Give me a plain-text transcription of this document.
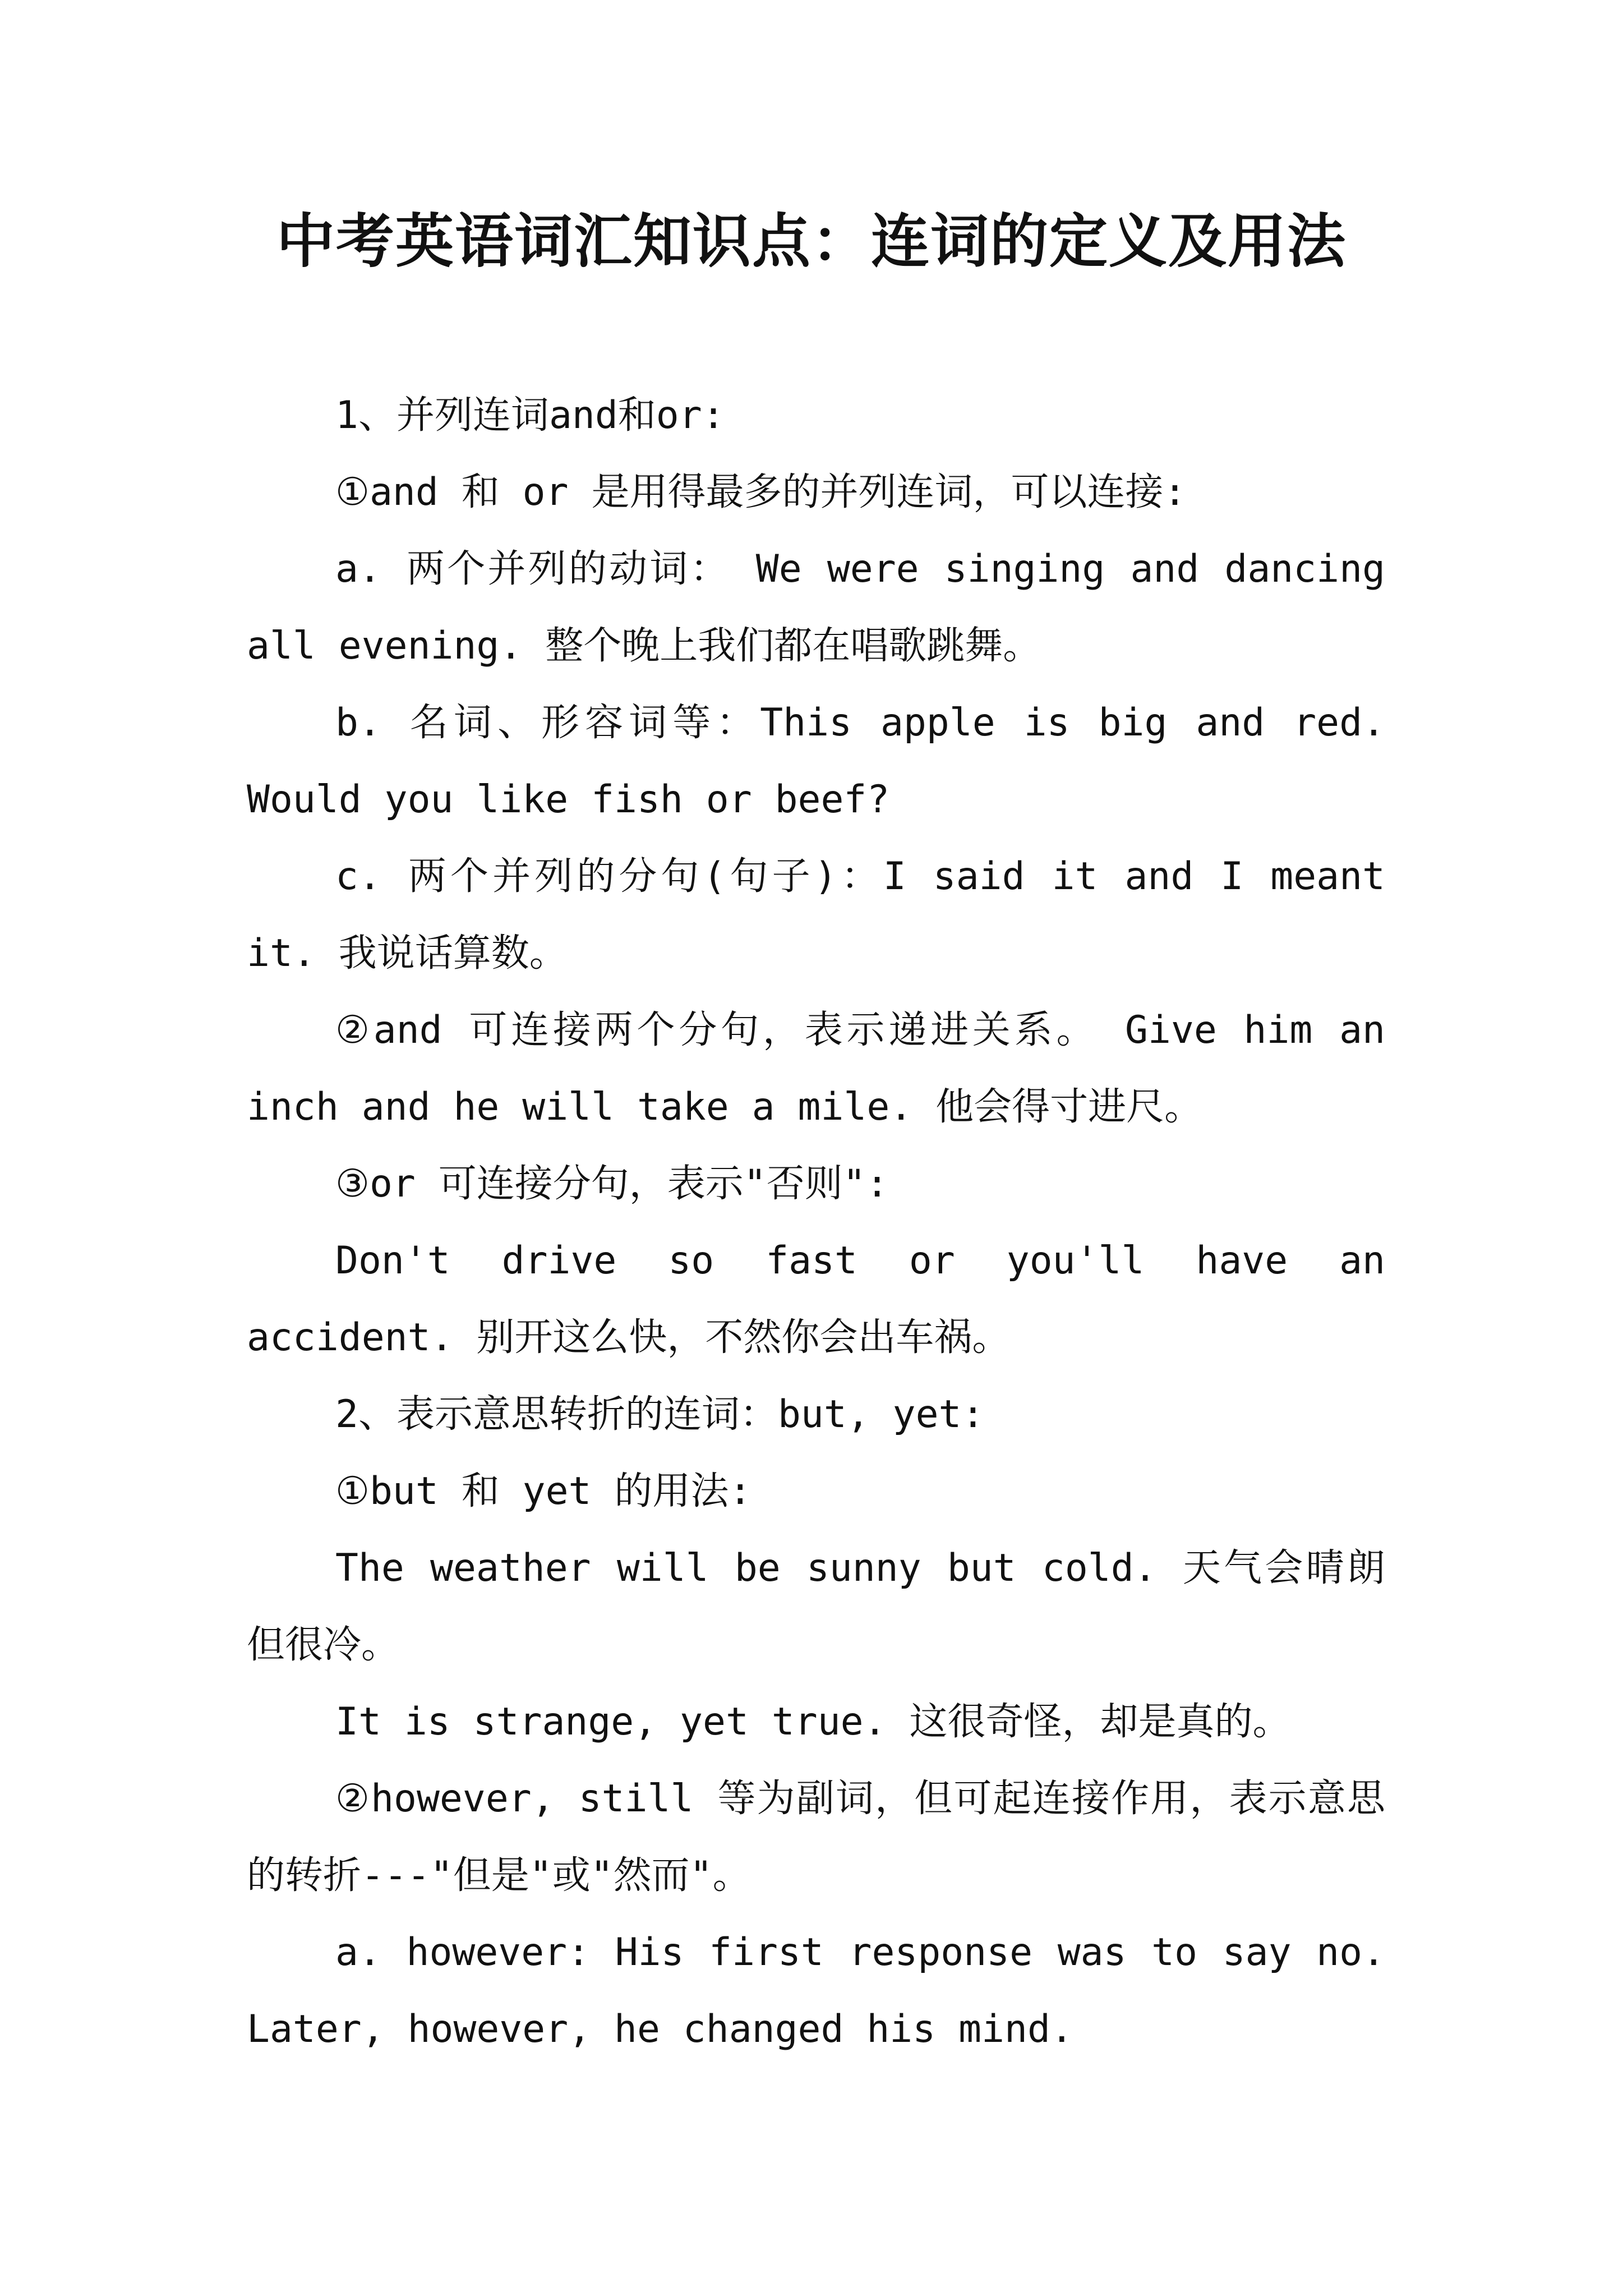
中考英语词汇知识点：连词的定义及用法

1、并列连词and和or:

①and 和 or 是用得最多的并列连词，可以连接:

a. 两个并列的动词： We were singing and dancing all evening. 整个晚上我们都在唱歌跳舞。

b. 名词、形容词等：This apple is big and red. Would you like fish or beef?

c. 两个并列的分句(句子)：I said it and I meant it. 我说话算数。

②and 可连接两个分句，表示递进关系。 Give him an inch and he will take a mile. 他会得寸进尺。

③or 可连接分句，表示"否则":

Don't drive so fast or you'll have an accident. 别开这么快，不然你会出车祸。

2、表示意思转折的连词：but, yet:

①but 和 yet 的用法:

The weather will be sunny but cold. 天气会晴朗但很冷。

It is strange, yet true. 这很奇怪，却是真的。

②however, still 等为副词，但可起连接作用，表示意思的转折---"但是"或"然而"。

a. however: His first response was to say no. Later, however, he changed his mind.
